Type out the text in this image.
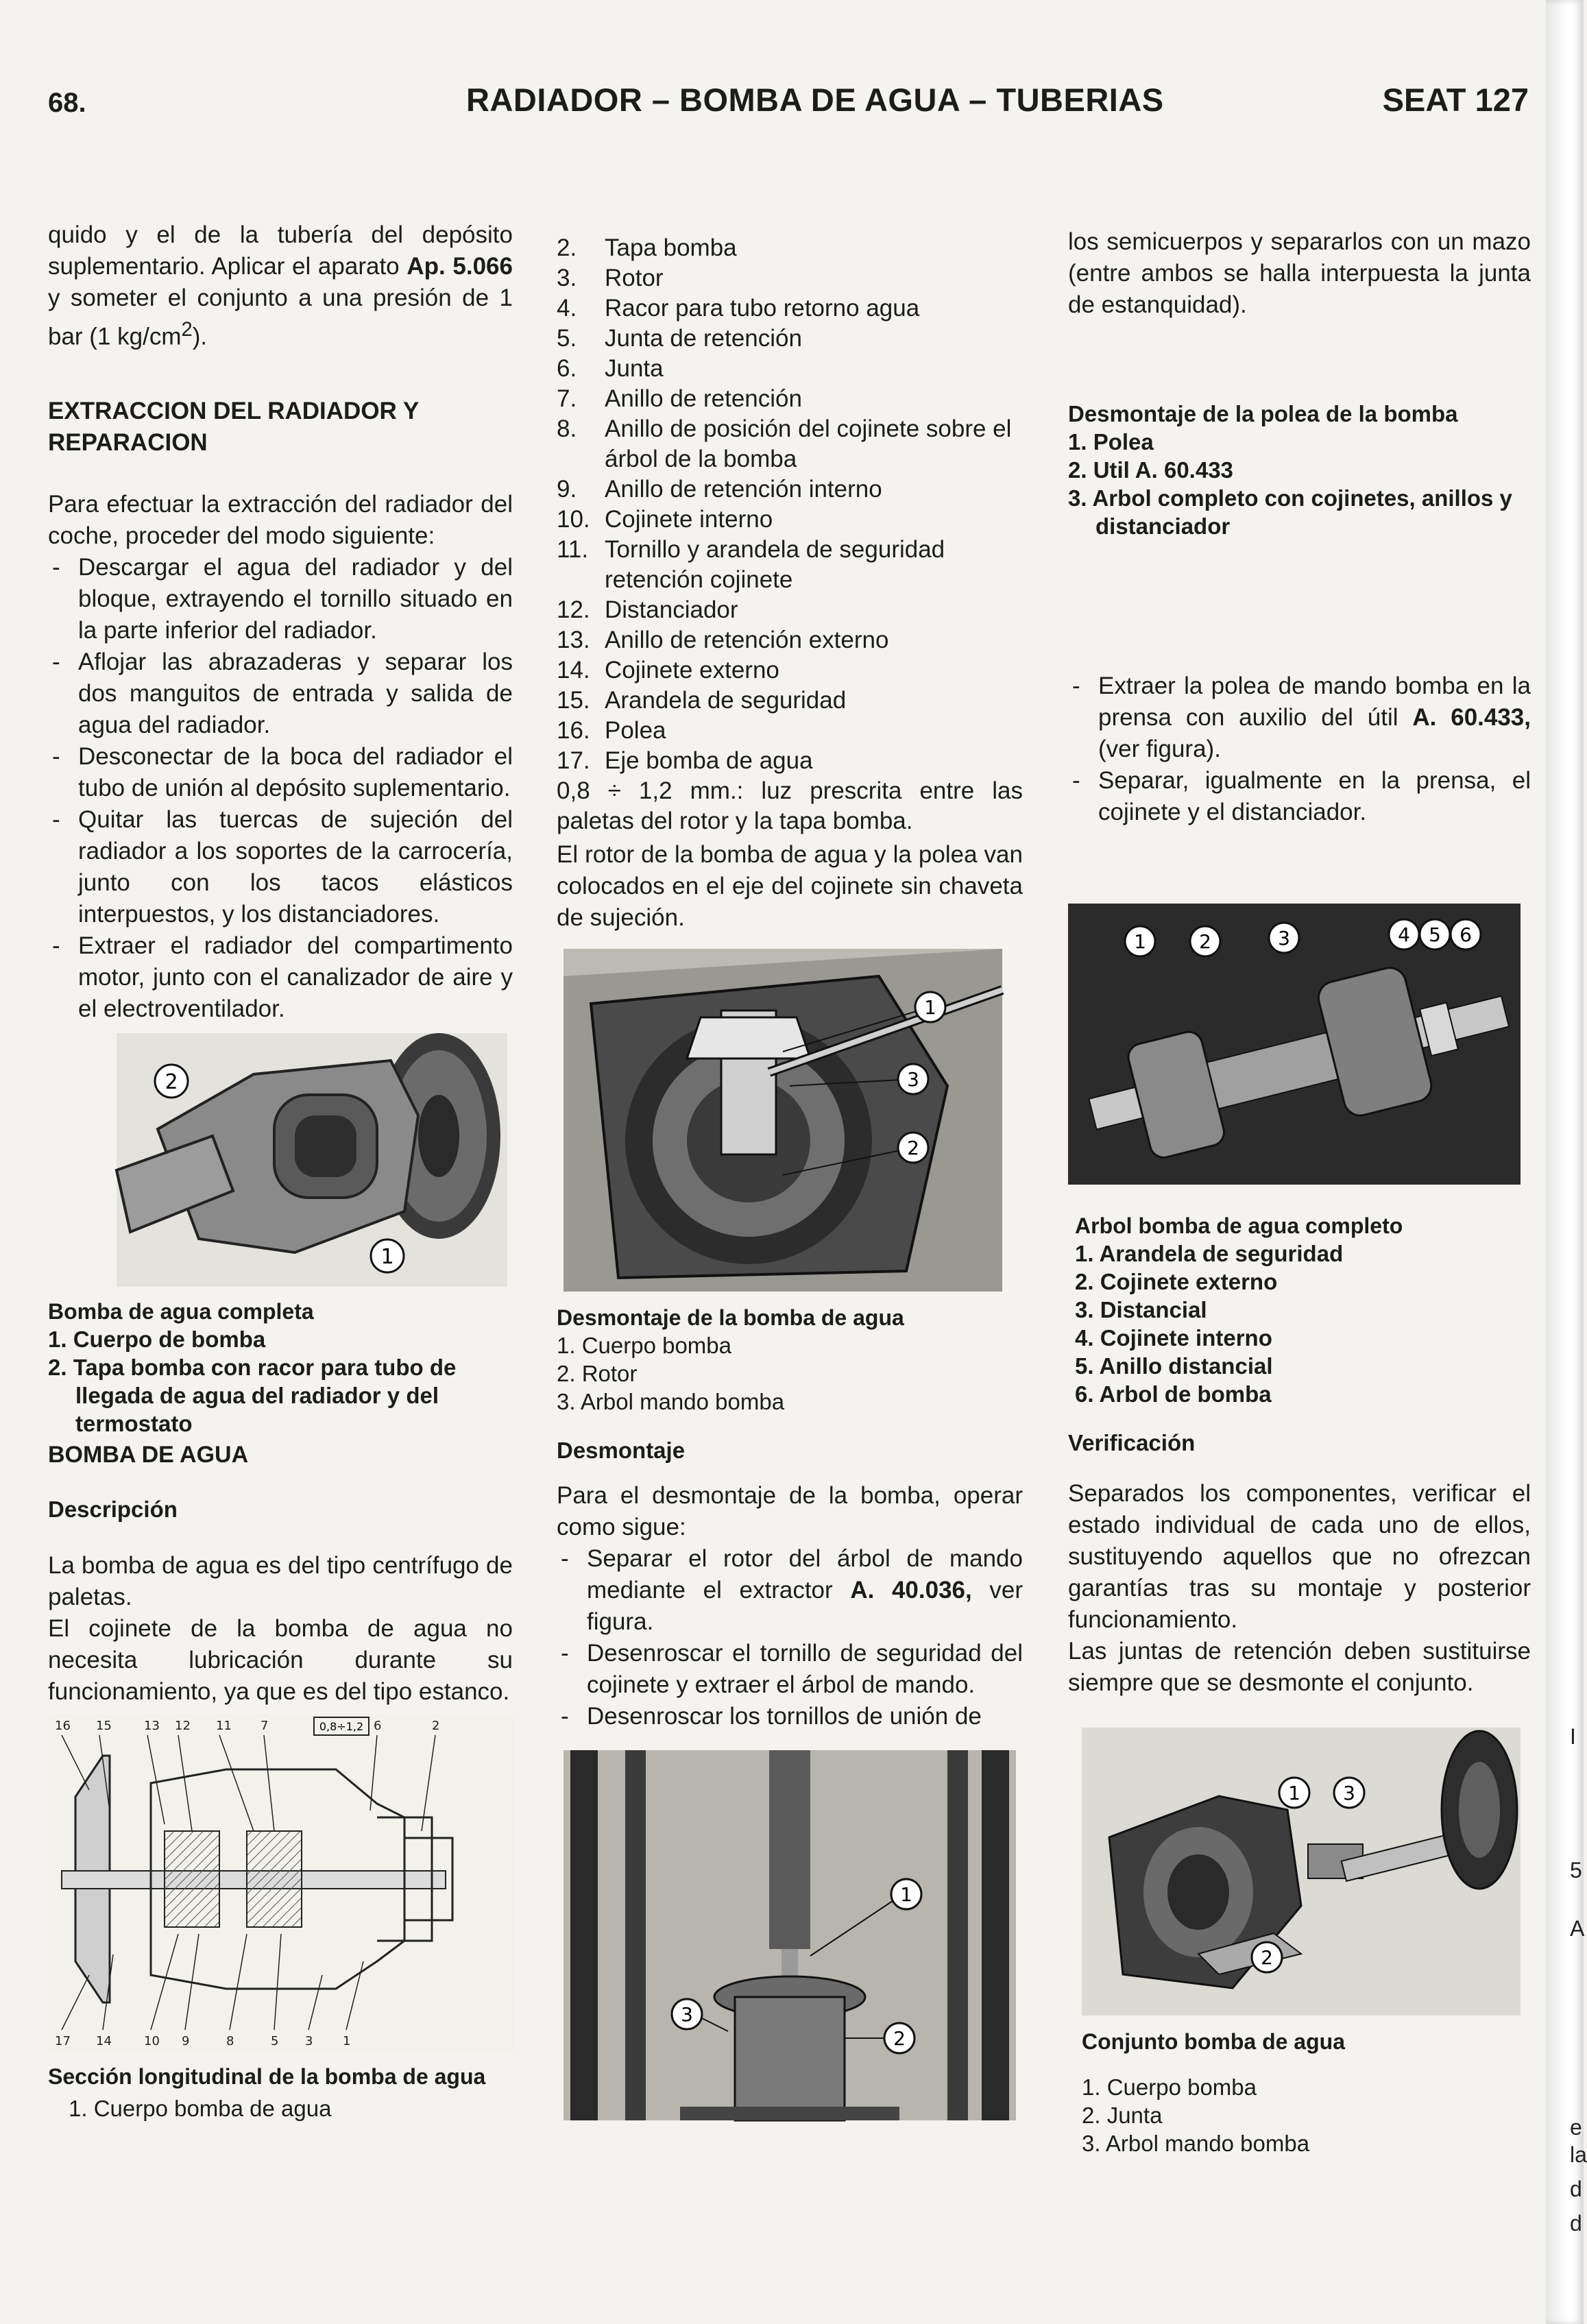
I
5
A
e
la
d
d
68.	RADIADOR – BOMBA DE AGUA – TUBERIAS	SEAT 127

quido y el de la tubería del depósito suplementario. Aplicar el aparato Ap. 5.066 y someter el conjunto a una presión de 1 bar (1 $kg/cm^2$).

EXTRACCION DEL RADIADOR Y REPARACION

Para efectuar la extracción del radiador del coche, proceder del modo siguiente:

- Descargar el agua del radiador y del bloque, extrayendo el tornillo situado en la parte inferior del radiador.

- Aflojar las abrazaderas y separar los dos manguitos de entrada y salida de agua del radiador.

- Desconectar de la boca del radiador el tubo de unión al depósito suplementario.

- Quitar las tuercas de sujeción del radiador a los soportes de la carrocería, junto con los tacos elásticos interpuestos, y los distanciadores.

- Extraer el radiador del compartimento motor, junto con el canalizador de aire y el electroventilador.

2
1

Bomba de agua completa

1. Cuerpo de bomba

2. Tapa bomba con racor para tubo de llegada de agua del radiador y del termostato

BOMBA DE AGUA

Descripción

La bomba de agua es del tipo centrífugo de paletas.

El cojinete de la bomba de agua no necesita lubricación durante su funcionamiento, ya que es del tipo estanco.

16 15	13 12 11 7	6	2
0,8÷1,2
17 14	10 9	8	5 3 1

Sección longitudinal de la bomba de agua

1. Cuerpo bomba de agua

2. Tapa bomba
3. Rotor
4. Racor para tubo retorno agua
5. Junta de retención
6. Junta
7. Anillo de retención
8. Anillo de posición del cojinete sobre el árbol de la bomba
9. Anillo de retención interno
10. Cojinete interno
11. Tornillo y arandela de seguridad retención cojinete
12. Distanciador
13. Anillo de retención externo
14. Cojinete externo
15. Arandela de seguridad
16. Polea
17. Eje bomba de agua

0,8 ÷ 1,2 mm.: luz prescrita entre las paletas del rotor y la tapa bomba.

El rotor de la bomba de agua y la polea van colocados en el eje del cojinete sin chaveta de sujeción.

1
3
2

Desmontaje de la bomba de agua

1. Cuerpo bomba

2. Rotor

3. Arbol mando bomba

Desmontaje

Para el desmontaje de la bomba, operar como sigue:

- Separar el rotor del árbol de mando mediante el extractor A. 40.036, ver figura.

- Desenroscar el tornillo de seguridad del cojinete y extraer el árbol de mando.

- Desenroscar los tornillos de unión de

1
3
2

los semicuerpos y separarlos con un mazo (entre ambos se halla interpuesta la junta de estanquidad).

Desmontaje de la polea de la bomba

1. Polea

2. Util A. 60.433

3. Arbol completo con cojinetes, anillos y distanciador

- Extraer la polea de mando bomba en la prensa con auxilio del útil A. 60.433, (ver figura).

- Separar, igualmente en la prensa, el cojinete y el distanciador.

1	2	3	4 5 6

Arbol bomba de agua completo

1. Arandela de seguridad

2. Cojinete externo

3. Distancial

4. Cojinete interno

5. Anillo distancial

6. Arbol de bomba

Verificación

Separados los componentes, verificar el estado individual de cada uno de ellos, sustituyendo aquellos que no ofrezcan garantías tras su montaje y posterior funcionamiento.

Las juntas de retención deben sustituirse siempre que se desmonte el conjunto.

1 3
2

Conjunto bomba de agua

1. Cuerpo bomba

2. Junta

3. Arbol mando bomba
